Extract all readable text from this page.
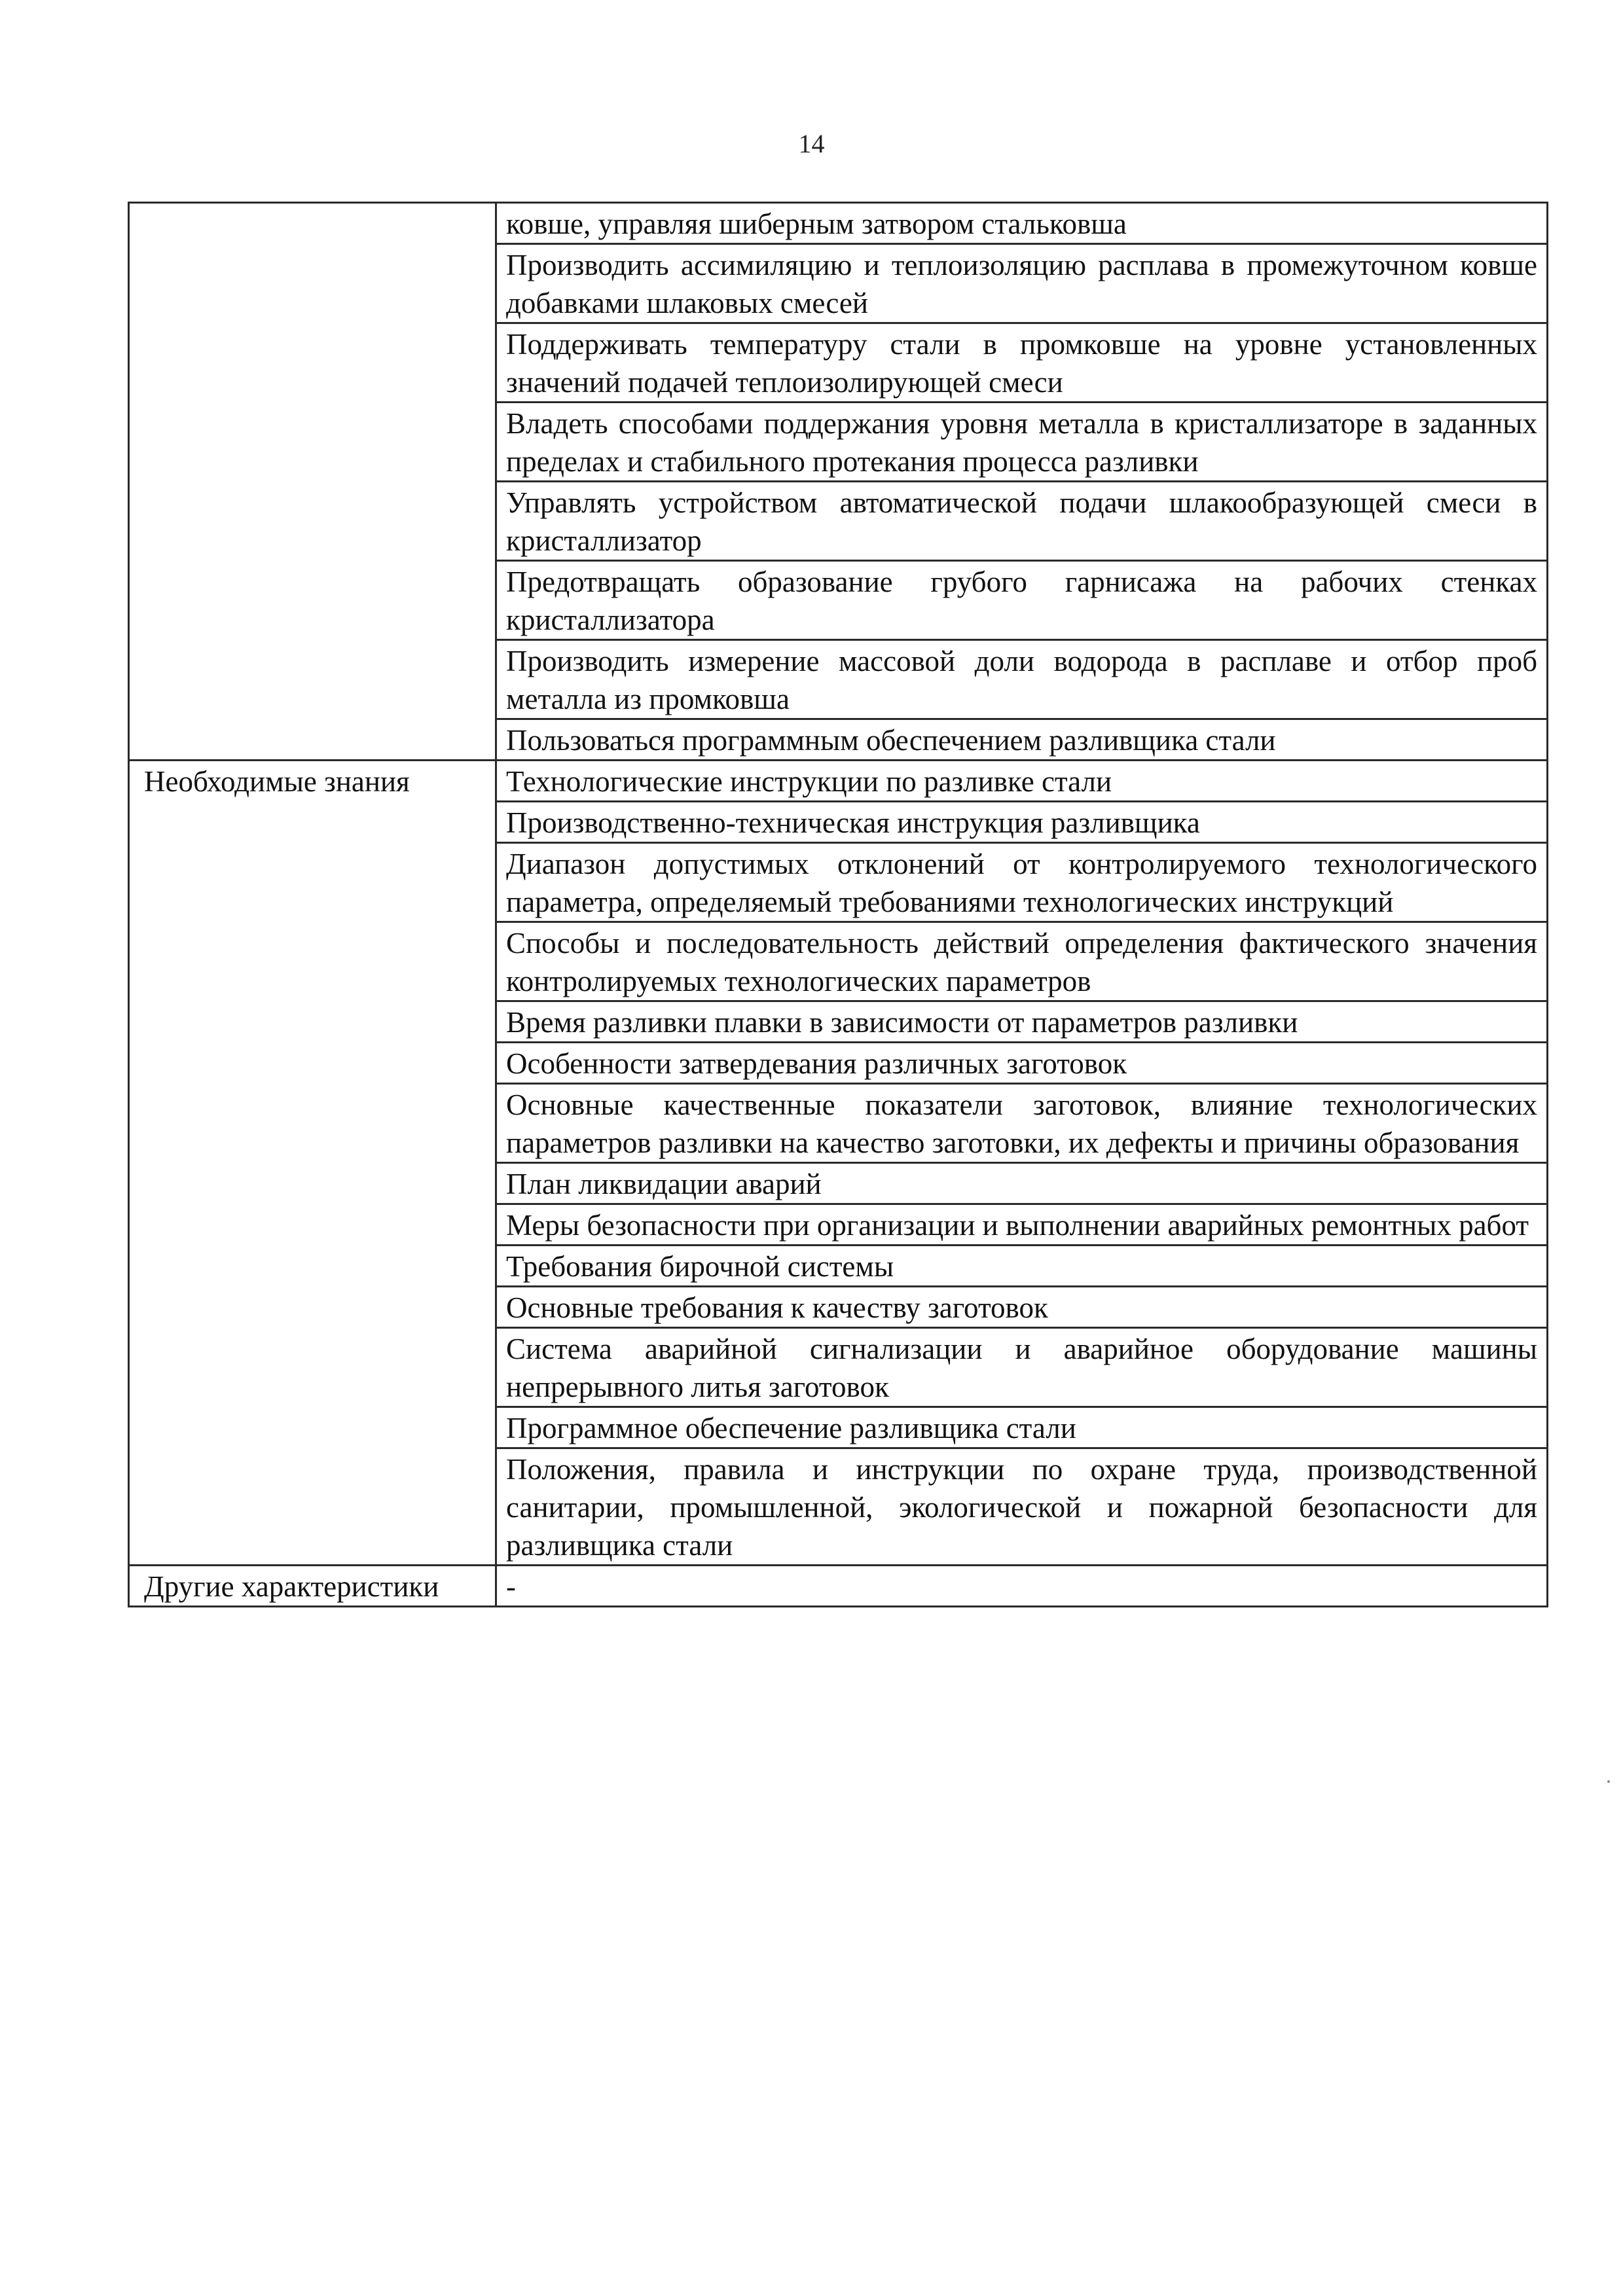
14
	ковше, управляя шиберным затвором стальковша
	Производить ассимиляцию и теплоизоляцию расплава в промежуточном ковше добавками шлаковых смесей
	Поддерживать температуру стали в промковше на уровне установленных значений подачей теплоизолирующей смеси
	Владеть способами поддержания уровня металла в кристаллизаторе в заданных пределах и стабильного протекания процесса разливки
	Управлять устройством автоматической подачи шлакообразующей смеси в кристаллизатор
	Предотвращать образование грубого гарнисажа на рабочих стенках кристаллизатора
	Производить измерение массовой доли водорода в расплаве и отбор проб металла из промковша
	Пользоваться программным обеспечением разливщика стали
Необходимые знания	Технологические инструкции по разливке стали
	Производственно-техническая инструкция разливщика
	Диапазон допустимых отклонений от контролируемого технологического параметра, определяемый требованиями технологических инструкций
	Способы и последовательность действий определения фактического значения контролируемых технологических параметров
	Время разливки плавки в зависимости от параметров разливки
	Особенности затвердевания различных заготовок
	Основные качественные показатели заготовок, влияние технологических параметров разливки на качество заготовки, их дефекты и причины образования
	План ликвидации аварий
	Меры безопасности при организации и выполнении аварийных ремонтных работ
	Требования бирочной системы
	Основные требования к качеству заготовок
	Система аварийной сигнализации и аварийное оборудование машины непрерывного литья заготовок
	Программное обеспечение разливщика стали
	Положения, правила и инструкции по охране труда, производственной санитарии, промышленной, экологической и пожарной безопасности для разливщика стали
Другие характеристики	-
